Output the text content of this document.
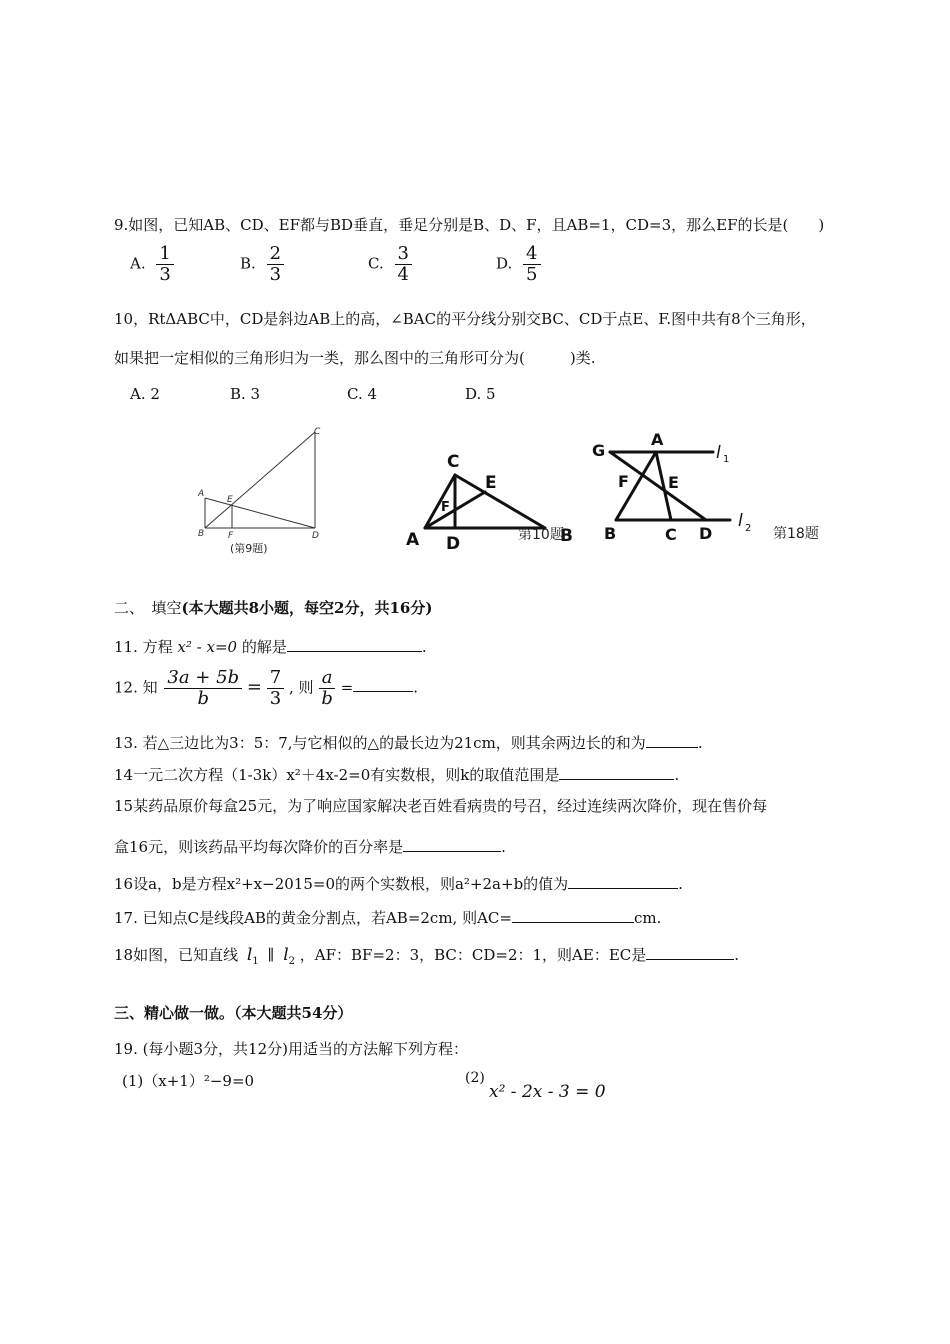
9.如图，已知AB、CD、EF都与BD垂直，垂足分别是B、D、F，且AB=1，CD=3，那么EF的长是(　　)
A. $\frac{1}{3}$	B. $\frac{2}{3}$	C. $\frac{3}{4}$	D. $\frac{4}{5}$
10，RtΔABC中，CD是斜边AB上的高，∠BAC的平分线分别交BC、CD于点E、F.图中共有8个三角形，
如果把一定相似的三角形归为一类，那么图中的三角形可分为(　　　)类.
A. 2	B. 3	C. 4	D. 5
A
B
C
D
E
F
(第9题)	A	B
C
D
E
F
第10题
G
A
F E
B	C D
l 1
l 2 第18题
二、　填空(本大题共8小题，每空2分，共16分)
11. 方程 x² - x=0 的解是	.
12. 知 $\frac{3a + 5b}{b} = \frac{7}{3}$ , 则 $\frac{a}{b}$ =	.
13. 若△三边比为3：5：7,与它相似的△的最长边为21cm，则其余两边长的和为	.
14一元二次方程（1-3k）x²＋4x-2=0有实数根，则k的取值范围是	.
15某药品原价每盒25元，为了响应国家解决老百姓看病贵的号召，经过连续两次降价，现在售价每
盒16元，则该药品平均每次降价的百分率是	.
16设a，b是方程x²+x−2015=0的两个实数根，则a²+2a+b的值为	.
17. 已知点C是线段AB的黄金分割点，若AB=2cm, 则AC=	cm.
18如图，已知直线 $l_1$ ∥ $l_2$ ，AF：BF=2：3，BC：CD=2：1，则AE：EC是	.
三、精心做一做。（本大题共54分）
19. (每小题3分，共12分)用适当的方法解下列方程：
(1)（x+1）²−9=0	(2)
x² - 2x - 3 = 0
